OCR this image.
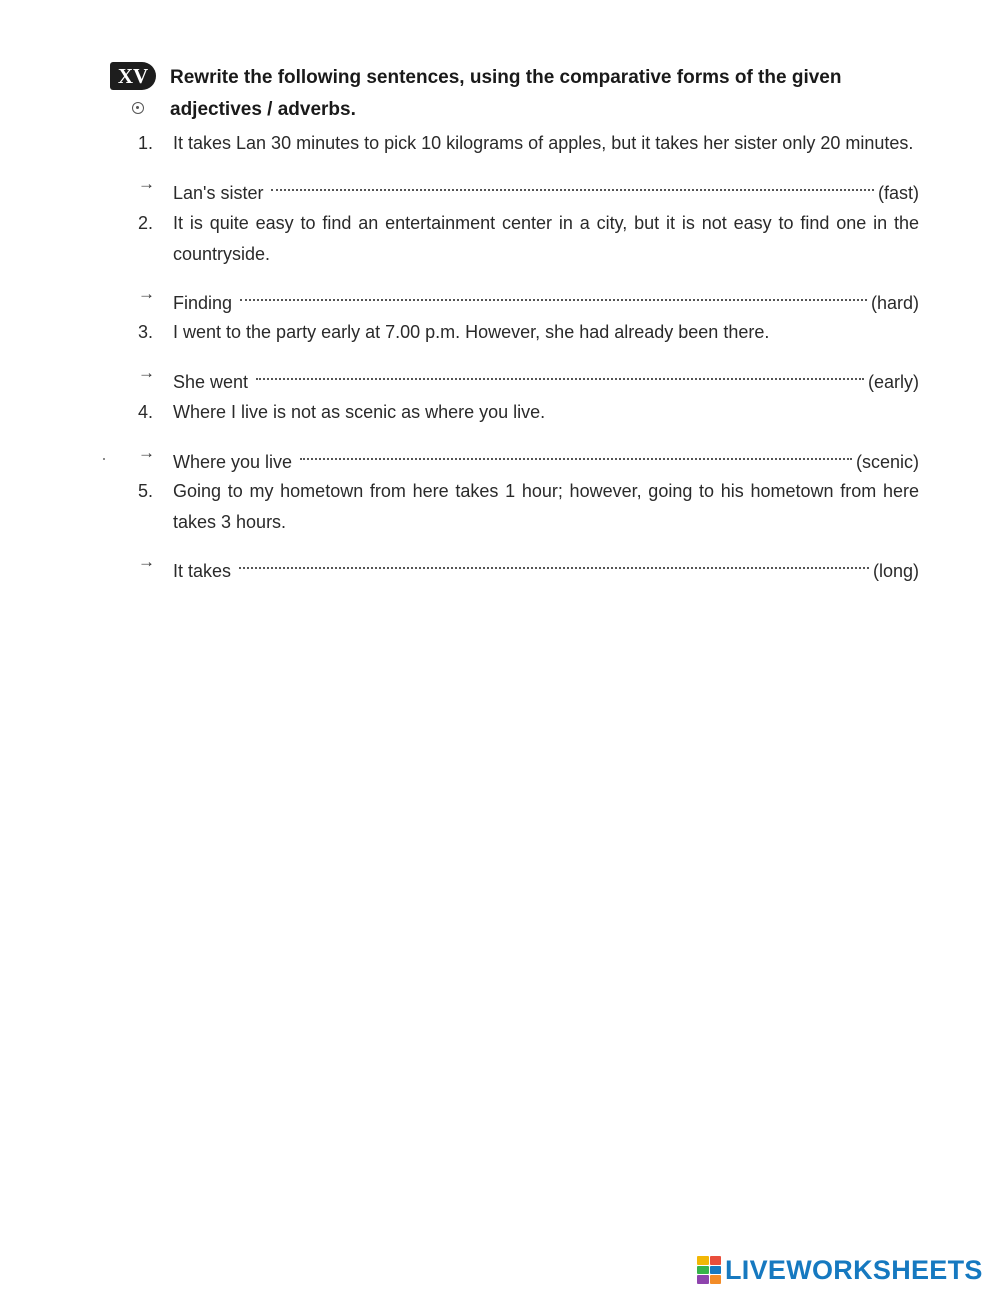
XV	Rewrite the following sentences, using the comparative forms of the given adjectives / adverbs.
1.	It takes Lan 30 minutes to pick 10 kilograms of apples, but it takes her sister only 20 minutes.
→	Lan's sister	(fast)
2.	It is quite easy to find an entertainment center in a city, but it is not easy to find one in the countryside.
→	Finding	(hard)
3.	I went to the party early at 7.00 p.m. However, she had already been there.
→	She went	(early)
4.	Where I live is not as scenic as where you live.
→	Where you live	(scenic)
5.	Going to my hometown from here takes 1 hour; however, going to his hometown from here takes 3 hours.
→	It takes	(long)
LIVEWORKSHEETS
